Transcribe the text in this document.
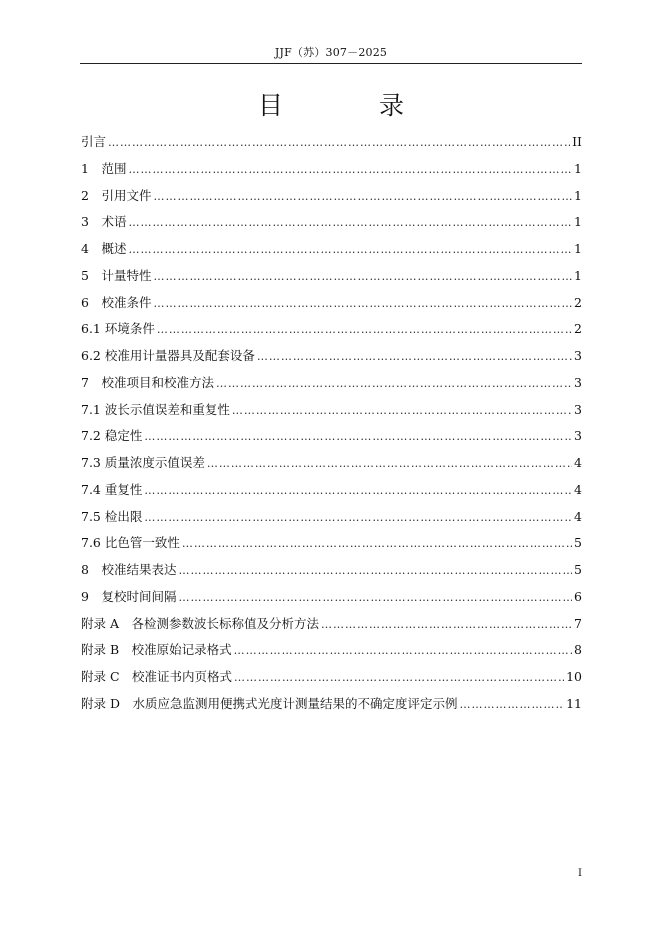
JJF（苏）307－2025
目 录
引言 …………………………………………………………………………………………………………………………………………………………………………	II
1　范围 …………………………………………………………………………………………………………………………………………………………………………	1
2　引用文件 …………………………………………………………………………………………………………………………………………………………………………	1
3　术语 …………………………………………………………………………………………………………………………………………………………………………	1
4　概述 …………………………………………………………………………………………………………………………………………………………………………	1
5　计量特性 …………………………………………………………………………………………………………………………………………………………………………	1
6　校准条件 …………………………………………………………………………………………………………………………………………………………………………	2
6.1 环境条件 …………………………………………………………………………………………………………………………………………………………………………	2
6.2 校准用计量器具及配套设备 …………………………………………………………………………………………………………………………………………………………………………	3
7　校准项目和校准方法 …………………………………………………………………………………………………………………………………………………………………………	3
7.1 波长示值误差和重复性 …………………………………………………………………………………………………………………………………………………………………………	3
7.2 稳定性 …………………………………………………………………………………………………………………………………………………………………………	3
7.3 质量浓度示值误差 …………………………………………………………………………………………………………………………………………………………………………	4
7.4 重复性 …………………………………………………………………………………………………………………………………………………………………………	4
7.5 检出限 …………………………………………………………………………………………………………………………………………………………………………	4
7.6 比色管一致性 …………………………………………………………………………………………………………………………………………………………………………	5
8　校准结果表达 …………………………………………………………………………………………………………………………………………………………………………	5
9　复校时间间隔 …………………………………………………………………………………………………………………………………………………………………………	6
附录 A　各检测参数波长标称值及分析方法 …………………………………………………………………………………………………………………………………………………………………………	7
附录 B　校准原始记录格式 …………………………………………………………………………………………………………………………………………………………………………	8
附录 C　校准证书内页格式 …………………………………………………………………………………………………………………………………………………………………………	10
附录 D　水质应急监测用便携式光度计测量结果的不确定度评定示例 …………………………………………………………………………………………………………………………………………………………………………	11
I
